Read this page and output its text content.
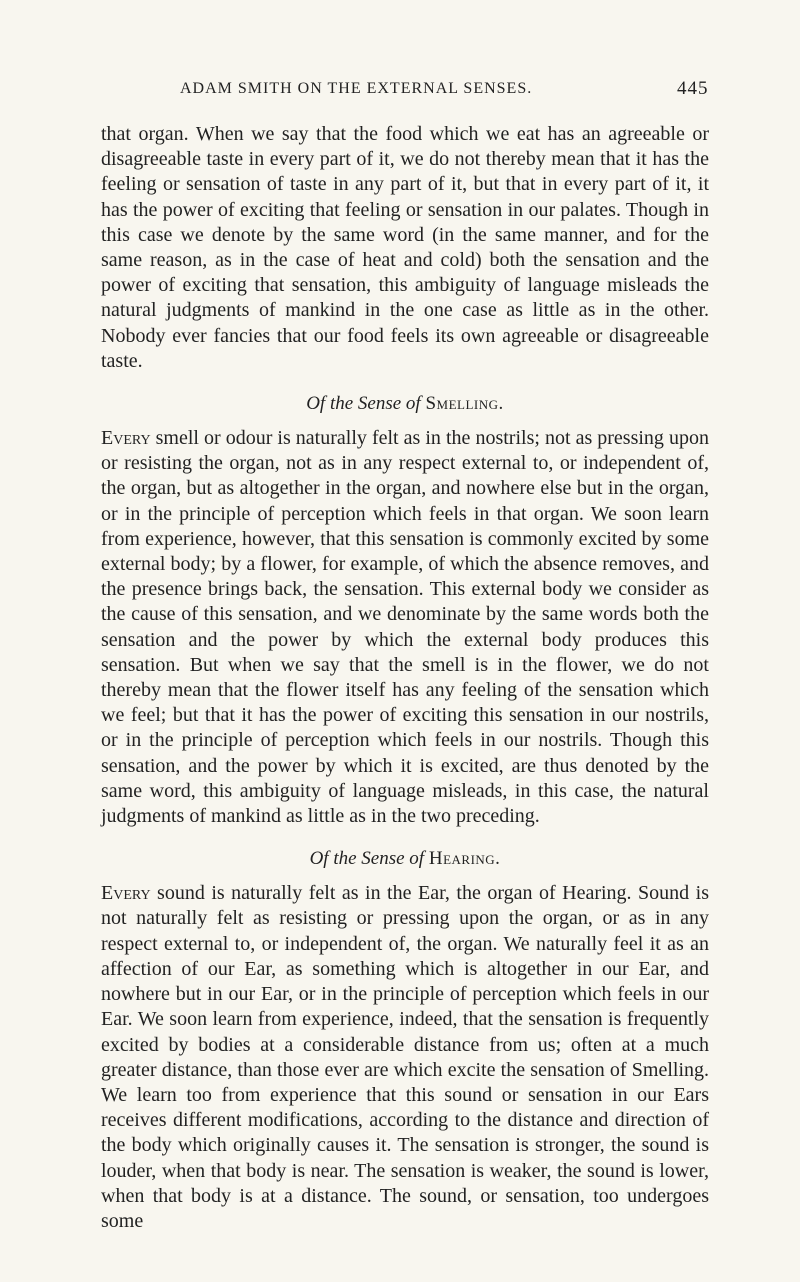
ADAM SMITH ON THE EXTERNAL SENSES.	445

that organ. When we say that the food which we eat has an agreeable or disagreeable taste in every part of it, we do not thereby mean that it has the feeling or sensation of taste in any part of it, but that in every part of it, it has the power of exciting that feeling or sensation in our palates. Though in this case we denote by the same word (in the same manner, and for the same reason, as in the case of heat and cold) both the sensation and the power of exciting that sensation, this ambiguity of language misleads the natural judgments of mankind in the one case as little as in the other. Nobody ever fancies that our food feels its own agreeable or disagreeable taste.

Of the Sense of Smelling.

Every smell or odour is naturally felt as in the nostrils; not as pressing upon or resisting the organ, not as in any respect external to, or independent of, the organ, but as altogether in the organ, and nowhere else but in the organ, or in the principle of perception which feels in that organ. We soon learn from experience, however, that this sensation is commonly excited by some external body; by a flower, for example, of which the absence removes, and the presence brings back, the sensation. This external body we consider as the cause of this sensation, and we denominate by the same words both the sensation and the power by which the external body produces this sensation. But when we say that the smell is in the flower, we do not thereby mean that the flower itself has any feeling of the sensation which we feel; but that it has the power of exciting this sensation in our nostrils, or in the principle of perception which feels in our nostrils. Though this sensation, and the power by which it is excited, are thus denoted by the same word, this ambiguity of language misleads, in this case, the natural judgments of mankind as little as in the two preceding.

Of the Sense of Hearing.

Every sound is naturally felt as in the Ear, the organ of Hearing. Sound is not naturally felt as resisting or pressing upon the organ, or as in any respect external to, or independent of, the organ. We naturally feel it as an affection of our Ear, as something which is altogether in our Ear, and nowhere but in our Ear, or in the principle of perception which feels in our Ear. We soon learn from experience, indeed, that the sensation is frequently excited by bodies at a considerable distance from us; often at a much greater distance, than those ever are which excite the sensation of Smelling. We learn too from experience that this sound or sensation in our Ears receives different modifications, according to the distance and direction of the body which originally causes it. The sensation is stronger, the sound is louder, when that body is near. The sensation is weaker, the sound is lower, when that body is at a distance. The sound, or sensation, too undergoes some
